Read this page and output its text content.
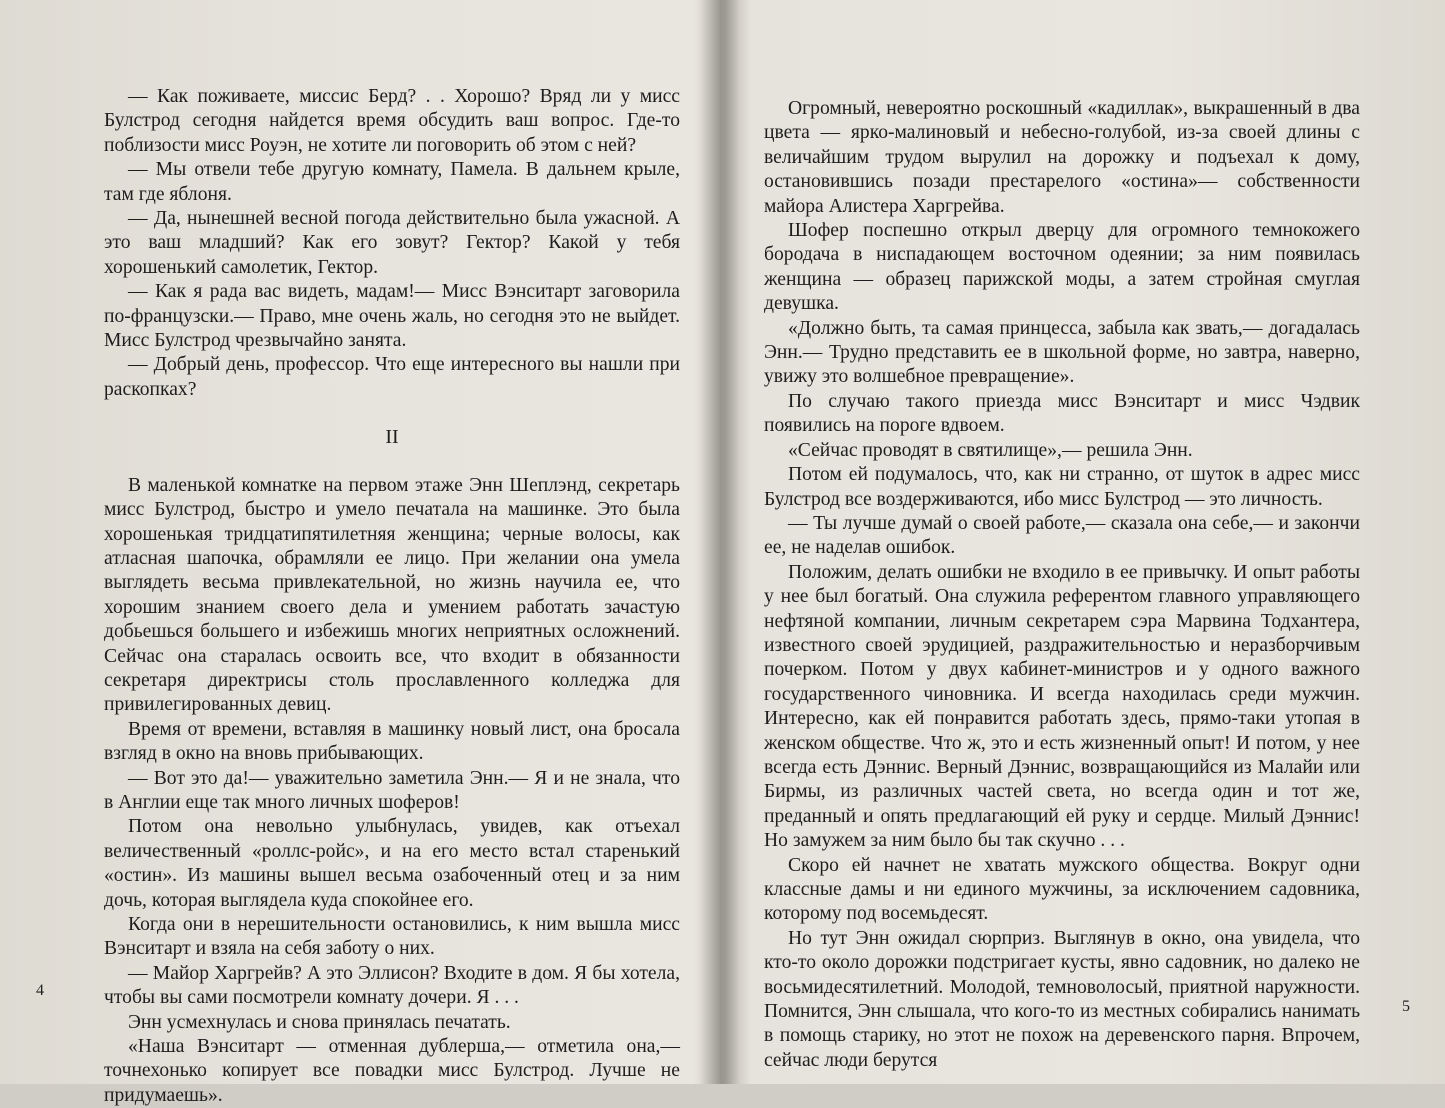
— Как поживаете, миссис Берд? . . Хорошо? Вряд ли у мисс Булстрод сегодня найдется время обсудить ваш вопрос. Где-то поблизости мисс Роуэн, не хотите ли поговорить об этом с ней?

— Мы отвели тебе другую комнату, Памела. В дальнем крыле, там где яблоня.

— Да, нынешней весной погода действительно была ужасной. А это ваш младший? Как его зовут? Гектор? Какой у тебя хорошенький самолетик, Гектор.

— Как я рада вас видеть, мадам!— Мисс Вэнситарт заговорила по-французски.— Право, мне очень жаль, но сегодня это не выйдет. Мисс Булстрод чрезвычайно занята.

— Добрый день, профессор. Что еще интересного вы нашли при раскопках?

II

В маленькой комнатке на первом этаже Энн Шеплэнд, секретарь мисс Булстрод, быстро и умело печатала на машинке. Это была хорошенькая тридцатипятилетняя женщина; черные волосы, как атласная шапочка, обрамляли ее лицо. При желании она умела выглядеть весьма привлекательной, но жизнь научила ее, что хорошим знанием своего дела и умением работать зачастую добьешься большего и избежишь многих неприятных осложнений. Сейчас она старалась освоить все, что входит в обязанности секретаря директрисы столь прославленного колледжа для привилегированных девиц.

Время от времени, вставляя в машинку новый лист, она бросала взгляд в окно на вновь прибывающих.

— Вот это да!— уважительно заметила Энн.— Я и не знала, что в Англии еще так много личных шоферов!

Потом она невольно улыбнулась, увидев, как отъехал величественный «роллс-ройс», и на его место встал старенький «остин». Из машины вышел весьма озабоченный отец и за ним дочь, которая выглядела куда спокойнее его.

Когда они в нерешительности остановились, к ним вышла мисс Вэнситарт и взяла на себя заботу о них.

— Майор Харгрейв? А это Эллисон? Входите в дом. Я бы хотела, чтобы вы сами посмотрели комнату дочери. Я . . .

Энн усмехнулась и снова принялась печатать.

«Наша Вэнситарт — отменная дублерша,— отметила она,— точнехонько копирует все повадки мисс Булстрод. Лучше не придумаешь».

4

Огромный, невероятно роскошный «кадиллак», выкрашенный в два цвета — ярко-малиновый и небесно-голубой, из-за своей длины с величайшим трудом вырулил на дорожку и подъехал к дому, остановившись позади престарелого «остина»— собственности майора Алистера Харгрейва.

Шофер поспешно открыл дверцу для огромного темнокожего бородача в ниспадающем восточном одеянии; за ним появилась женщина — образец парижской моды, а затем стройная смуглая девушка.

«Должно быть, та самая принцесса, забыла как звать,— догадалась Энн.— Трудно представить ее в школьной форме, но завтра, наверно, увижу это волшебное превращение».

По случаю такого приезда мисс Вэнситарт и мисс Чэдвик появились на пороге вдвоем.

«Сейчас проводят в святилище»,— решила Энн.

Потом ей подумалось, что, как ни странно, от шуток в адрес мисс Булстрод все воздерживаются, ибо мисс Булстрод — это личность.

— Ты лучше думай о своей работе,— сказала она себе,— и закончи ее, не наделав ошибок.

Положим, делать ошибки не входило в ее привычку. И опыт работы у нее был богатый. Она служила референтом главного управляющего нефтяной компании, личным секретарем сэра Марвина Тодхантера, известного своей эрудицией, раздражительностью и неразборчивым почерком. Потом у двух кабинет-министров и у одного важного государственного чиновника. И всегда находилась среди мужчин. Интересно, как ей понравится работать здесь, прямо-таки утопая в женском обществе. Что ж, это и есть жизненный опыт! И потом, у нее всегда есть Дэннис. Верный Дэннис, возвращающийся из Малайи или Бирмы, из различных частей света, но всегда один и тот же, преданный и опять предлагающий ей руку и сердце. Милый Дэннис! Но замужем за ним было бы так скучно . . .

Скоро ей начнет не хватать мужского общества. Вокруг одни классные дамы и ни единого мужчины, за исключением садовника, которому под восемьдесят.

Но тут Энн ожидал сюрприз. Выглянув в окно, она увидела, что кто-то около дорожки подстригает кусты, явно садовник, но далеко не восьмидесятилетний. Молодой, темноволосый, приятной наружности. Помнится, Энн слышала, что кого-то из местных собирались нанимать в помощь старику, но этот не похож на деревенского парня. Впрочем, сейчас люди берутся

5
